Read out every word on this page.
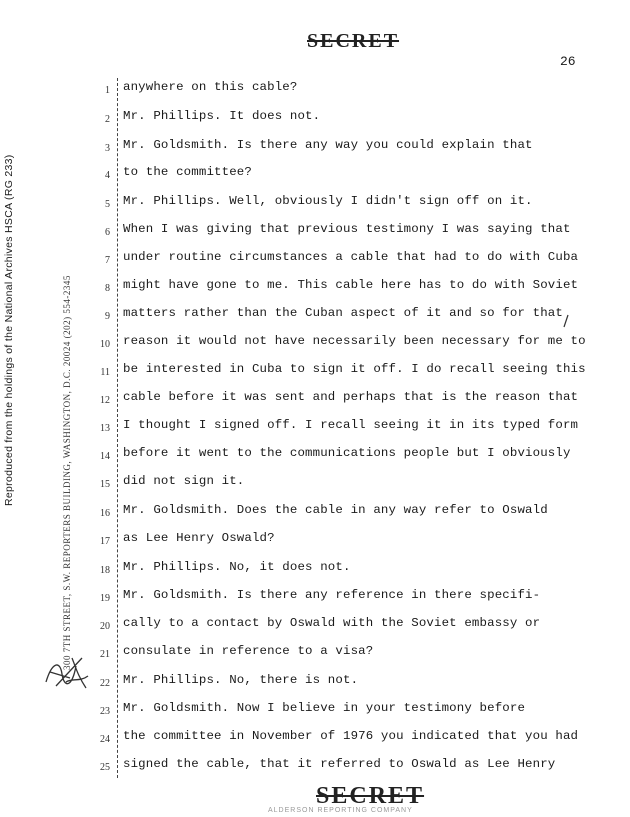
SECRET
26
Reproduced from the holdings of the National Archives HSCA (RG 233)	300 7TH STREET, S.W. REPORTERS BUILDING, WASHINGTON, D.C. 20024 (202) 554-2345
1 anywhere on this cable?
2 Mr. Phillips. It does not.
3 Mr. Goldsmith. Is there any way you could explain that
4 to the committee?
5 Mr. Phillips. Well, obviously I didn't sign off on it.
6 When I was giving that previous testimony I was saying that
7 under routine circumstances a cable that had to do with Cuba
8 might have gone to me. This cable here has to do with Soviet
9 matters rather than the Cuban aspect of it and so for that
10 reason it would not have necessarily been necessary for me to
11 be interested in Cuba to sign it off. I do recall seeing this
12 cable before it was sent and perhaps that is the reason that
13 I thought I signed off. I recall seeing it in its typed form
14 before it went to the communications people but I obviously
15 did not sign it.
16 Mr. Goldsmith. Does the cable in any way refer to Oswald
17 as Lee Henry Oswald?
18 Mr. Phillips. No, it does not.
19 Mr. Goldsmith. Is there any reference in there specifi-
20 cally to a contact by Oswald with the Soviet embassy or
21 consulate in reference to a visa?
22 Mr. Phillips. No, there is not.
23 Mr. Goldsmith. Now I believe in your testimony before
24 the committee in November of 1976 you indicated that you had
25 signed the cable, that it referred to Oswald as Lee Henry
SECRET
ALDERSON REPORTING COMPANY
